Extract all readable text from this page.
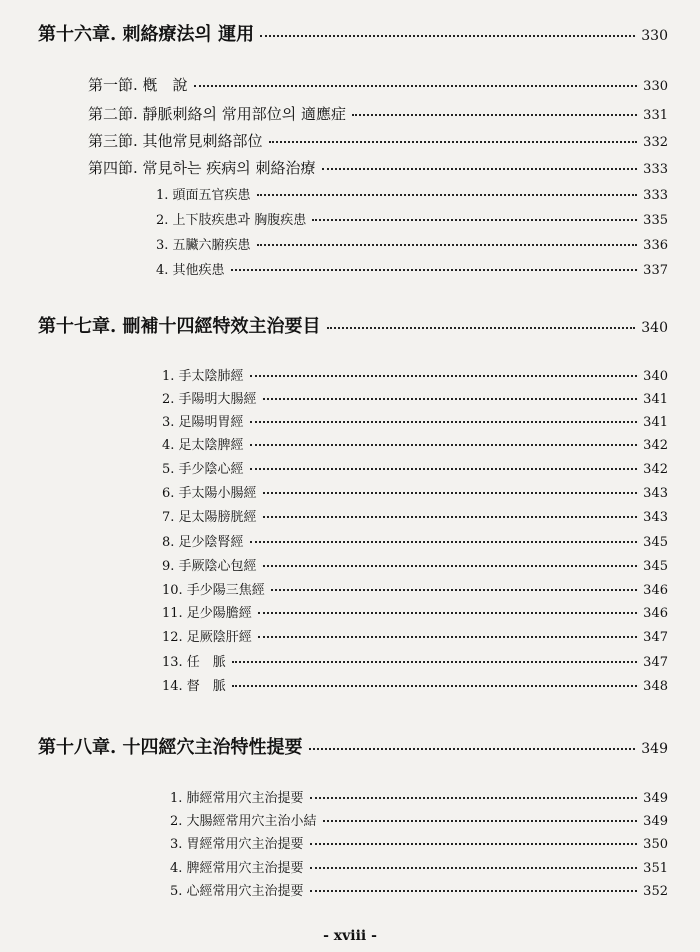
第十六章. 刺絡療法의 運用	330
第一節. 槪　說	330
第二節. 靜脈刺絡의 常用部位의 適應症	331
第三節. 其他常見刺絡部位	332
第四節. 常見하는 疾病의 刺絡治療	333
1. 頭面五官疾患	333
2. 上下肢疾患과 胸腹疾患	335
3. 五臟六腑疾患	336
4. 其他疾患	337
第十七章. 刪補十四經特效主治要目	340
1. 手太陰肺經	340
2. 手陽明大腸經	341
3. 足陽明胃經	341
4. 足太陰脾經	342
5. 手少陰心經	342
6. 手太陽小腸經	343
7. 足太陽膀胱經	343
8. 足少陰腎經	345
9. 手厥陰心包經	345
10. 手少陽三焦經	346
11. 足少陽膽經	346
12. 足厥陰肝經	347
13. 任　脈	347
14. 督　脈	348
第十八章. 十四經穴主治特性提要	349
1. 肺經常用穴主治提要	349
2. 大腸經常用穴主治小結	349
3. 胃經常用穴主治提要	350
4. 脾經常用穴主治提要	351
5. 心經常用穴主治提要	352
- xviii -
